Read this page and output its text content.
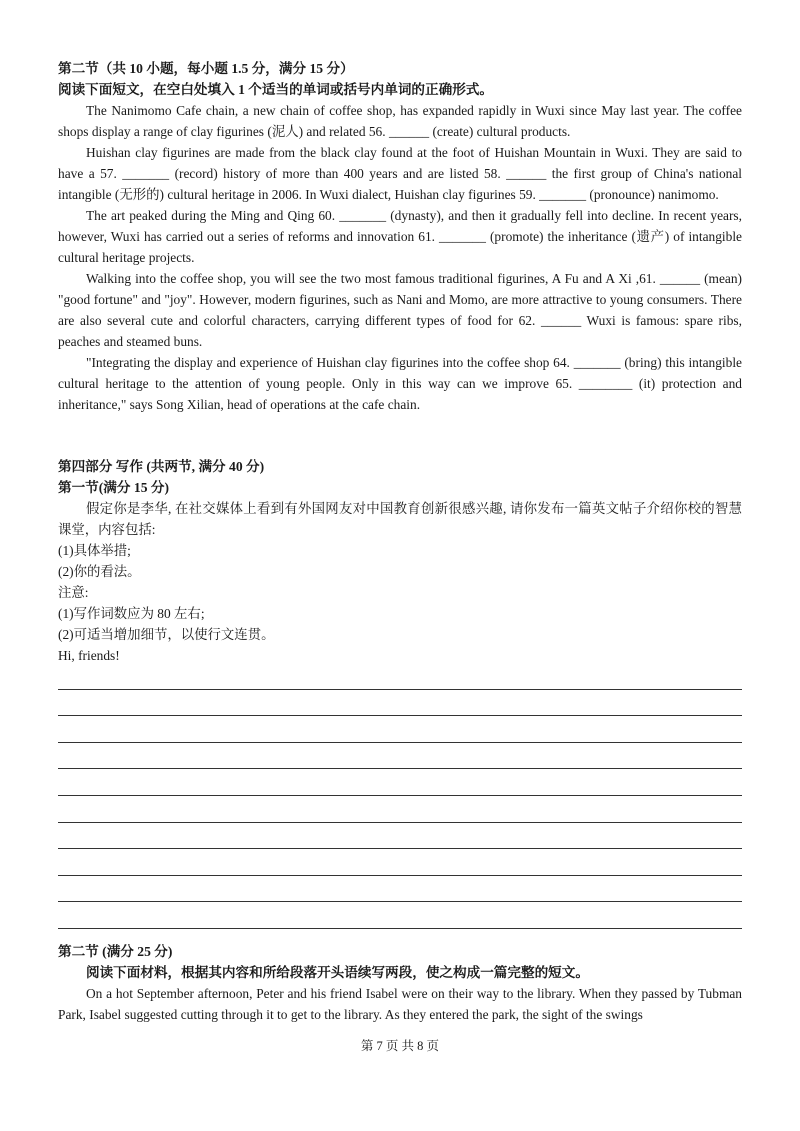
第二节（共 10 小题，每小题 1.5 分，满分 15 分）

阅读下面短文，在空白处填入 1 个适当的单词或括号内单词的正确形式。

The Nanimomo Cafe chain, a new chain of coffee shop, has expanded rapidly in Wuxi since May last year. The coffee shops display a range of clay figurines (泥人) and related 56. ______ (create) cultural products.

Huishan clay figurines are made from the black clay found at the foot of Huishan Mountain in Wuxi. They are said to have a 57. _______ (record) history of more than 400 years and are listed 58. ______ the first group of China's national intangible (无形的) cultural heritage in 2006. In Wuxi dialect, Huishan clay figurines 59. _______ (pronounce) nanimomo.

The art peaked during the Ming and Qing 60. _______ (dynasty), and then it gradually fell into decline. In recent years, however, Wuxi has carried out a series of reforms and innovation 61. _______ (promote) the inheritance (遗产) of intangible cultural heritage projects.

Walking into the coffee shop, you will see the two most famous traditional figurines, A Fu and A Xi ,61. ______ (mean) "good fortune" and "joy". However, modern figurines, such as Nani and Momo, are more attractive to young consumers. There are also several cute and colorful characters, carrying different types of food for 62. ______ Wuxi is famous: spare ribs, peaches and steamed buns.

"Integrating the display and experience of Huishan clay figurines into the coffee shop 64. _______ (bring) this intangible cultural heritage to the attention of young people. Only in this way can we improve 65. ________ (it) protection and inheritance," says Song Xilian, head of operations at the cafe chain.

第四部分 写作 (共两节, 满分 40 分)

第一节(满分 15 分)

假定你是李华, 在社交媒体上看到有外国网友对中国教育创新很感兴趣, 请你发布一篇英文帖子介绍你校的智慧课堂，内容包括:

(1)具体举措;

(2)你的看法。

注意:

(1)写作词数应为 80 左右;

(2)可适当增加细节，以使行文连贯。

Hi, friends!

第二节 (满分 25 分)

阅读下面材料，根据其内容和所给段落开头语续写两段，使之构成一篇完整的短文。

On a hot September afternoon, Peter and his friend Isabel were on their way to the library. When they passed by Tubman Park, Isabel suggested cutting through it to get to the library. As they entered the park, the sight of the swings

第 7 页 共 8 页
